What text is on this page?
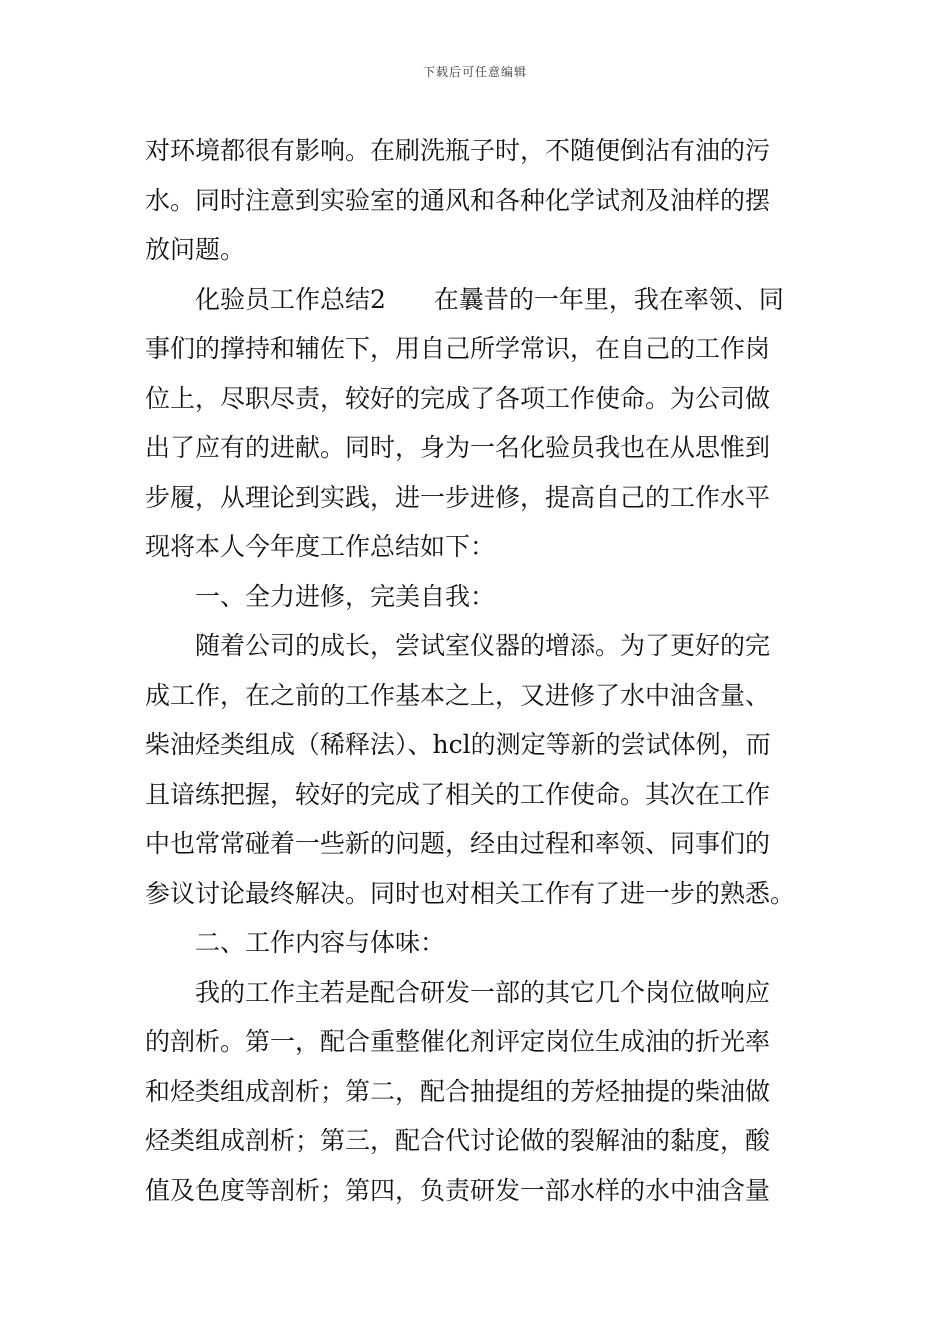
下载后可任意编辑
对环境都很有影响。在刷洗瓶子时，不随便倒沾有油的污
水。同时注意到实验室的通风和各种化学试剂及油样的摆
放问题。
化验员工作总结2 在曩昔的一年里，我在率领、同
事们的撑持和辅佐下，用自己所学常识，在自己的工作岗
位上，尽职尽责，较好的完成了各项工作使命。为公司做
出了应有的进献。同时，身为一名化验员我也在从思惟到
步履，从理论到实践，进一步进修，提高自己的工作水平
现将本人今年度工作总结如下：
一、全力进修，完美自我：
随着公司的成长，尝试室仪器的增添。为了更好的完
成工作，在之前的工作基本之上，又进修了水中油含量、
柴油烃类组成（稀释法）、hcl的测定等新的尝试体例，而
且谙练把握，较好的完成了相关的工作使命。其次在工作
中也常常碰着一些新的问题，经由过程和率领、同事们的
参议讨论最终解决。同时也对相关工作有了进一步的熟悉。
二、工作内容与体味：
我的工作主若是配合研发一部的其它几个岗位做响应
的剖析。第一，配合重整催化剂评定岗位生成油的折光率
和烃类组成剖析；第二，配合抽提组的芳烃抽提的柴油做
烃类组成剖析；第三，配合代讨论做的裂解油的黏度，酸
值及色度等剖析；第四，负责研发一部水样的水中油含量
